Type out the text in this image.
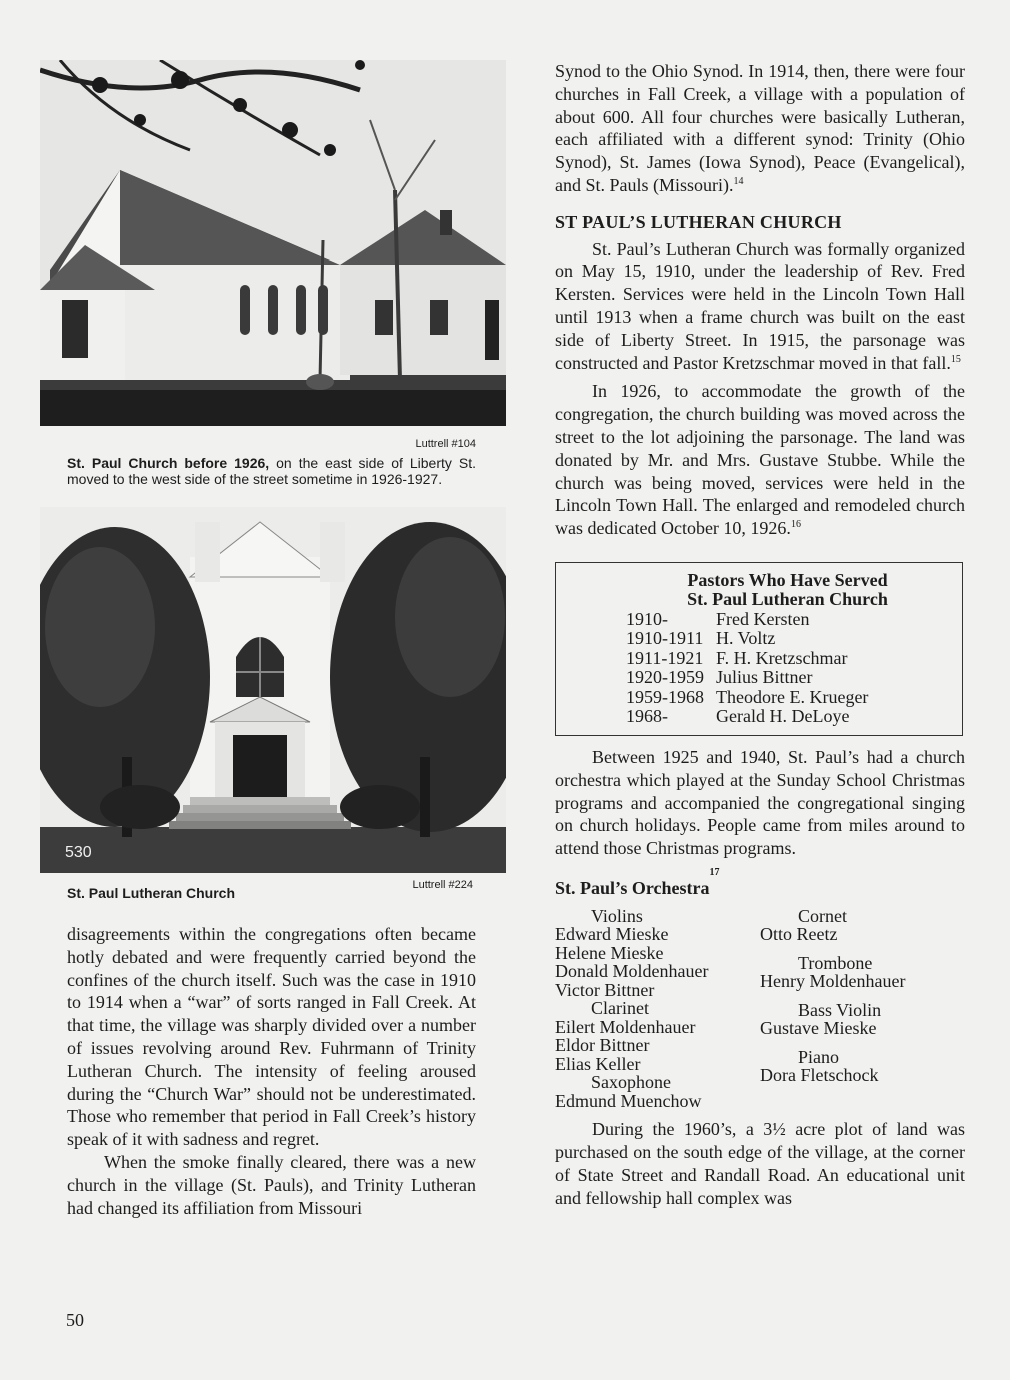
Luttrell #104
St. Paul Church before 1926, on the east side of Liberty St. moved to the west side of the street sometime in 1926-1927.
530
St. Paul Lutheran Church	Luttrell #224

disagreements within the congregations often became hotly debated and were frequently carried beyond the confines of the church itself. Such was the case in 1910 to 1914 when a “war” of sorts ranged in Fall Creek. At that time, the village was sharply divided over a number of issues revolving around Rev. Fuhrmann of Trinity Lutheran Church. The intensity of feeling aroused during the “Church War” should not be underestimated. Those who remember that period in Fall Creek’s history speak of it with sadness and regret.

When the smoke finally cleared, there was a new church in the village (St. Pauls), and Trinity Lutheran had changed its affiliation from Missouri

Synod to the Ohio Synod. In 1914, then, there were four churches in Fall Creek, a village with a population of about 600. All four churches were basically Lutheran, each affiliated with a different synod: Trinity (Ohio Synod), St. James (Iowa Synod), Peace (Evangelical), and St. Pauls (Missouri).$^{14}$

ST PAUL’S LUTHERAN CHURCH

St. Paul’s Lutheran Church was formally organized on May 15, 1910, under the leadership of Rev. Fred Kersten. Services were held in the Lincoln Town Hall until 1913 when a frame church was built on the east side of Liberty Street. In 1915, the parsonage was constructed and Pastor Kretzschmar moved in that fall.$^{15}$

In 1926, to accommodate the growth of the congregation, the church building was moved across the street to the lot adjoining the parsonage. The land was donated by Mr. and Mrs. Gustave Stubbe. While the church was being moved, services were held in the Lincoln Town Hall. The enlarged and remodeled church was dedicated October 10, 1926.16

Pastors Who Have Served
St. Paul Lutheran Church
1910-	Fred Kersten
1910-1911 H. Voltz
1911-1921 F. H. Kretzschmar
1920-1959 Julius Bittner
1959-1968 Theodore E. Krueger
1968-	Gerald H. DeLoye

Between 1925 and 1940, St. Paul’s had a church orchestra which played at the Sunday School Christmas programs and accompanied the congregational singing on church holidays. People came from miles around to attend those Christmas programs.

St. Paul’s Orchestra$^{17}$
Violins
Edward Mieske
Helene Mieske
Donald Moldenhauer
Victor Bittner
Clarinet
Eilert Moldenhauer
Eldor Bittner
Elias Keller
Saxophone
Edmund Muenchow
Cornet
Otto Reetz
Trombone
Henry Moldenhauer
Bass Violin
Gustave Mieske
Piano
Dora Fletschock

During the 1960’s, a 3½ acre plot of land was purchased on the south edge of the village, at the corner of State Street and Randall Road. An educational unit and fellowship hall complex was

50
